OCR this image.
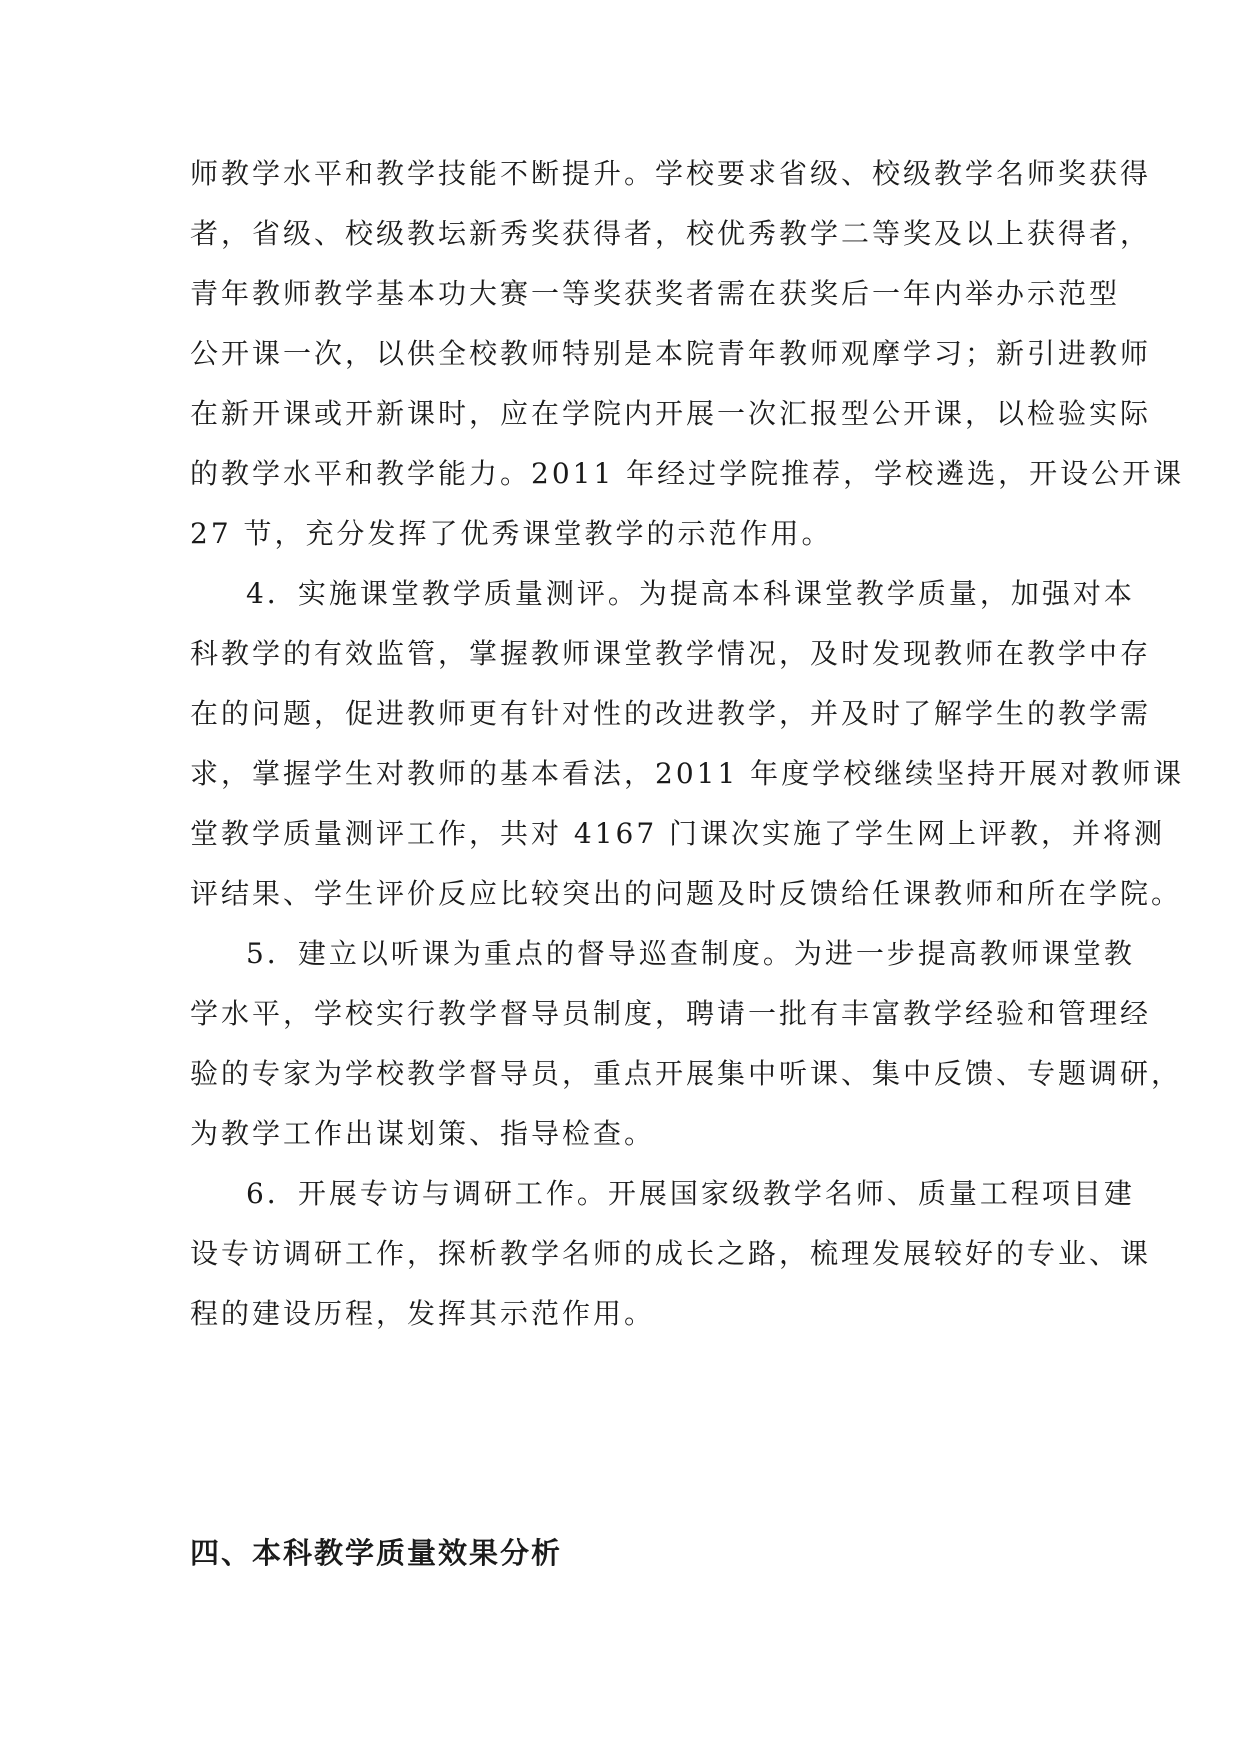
师教学水平和教学技能不断提升。学校要求省级、校级教学名师奖获得
者，省级、校级教坛新秀奖获得者，校优秀教学二等奖及以上获得者，
青年教师教学基本功大赛一等奖获奖者需在获奖后一年内举办示范型
公开课一次，以供全校教师特别是本院青年教师观摩学习；新引进教师
在新开课或开新课时，应在学院内开展一次汇报型公开课，以检验实际
的教学水平和教学能力。2011 年经过学院推荐，学校遴选，开设公开课
27 节，充分发挥了优秀课堂教学的示范作用。
4．实施课堂教学质量测评。为提高本科课堂教学质量，加强对本
科教学的有效监管，掌握教师课堂教学情况，及时发现教师在教学中存
在的问题，促进教师更有针对性的改进教学，并及时了解学生的教学需
求，掌握学生对教师的基本看法，2011 年度学校继续坚持开展对教师课
堂教学质量测评工作，共对 4167 门课次实施了学生网上评教，并将测
评结果、学生评价反应比较突出的问题及时反馈给任课教师和所在学院。
5．建立以听课为重点的督导巡查制度。为进一步提高教师课堂教
学水平，学校实行教学督导员制度，聘请一批有丰富教学经验和管理经
验的专家为学校教学督导员，重点开展集中听课、集中反馈、专题调研，
为教学工作出谋划策、指导检查。
6．开展专访与调研工作。开展国家级教学名师、质量工程项目建
设专访调研工作，探析教学名师的成长之路，梳理发展较好的专业、课
程的建设历程，发挥其示范作用。
四、本科教学质量效果分析
